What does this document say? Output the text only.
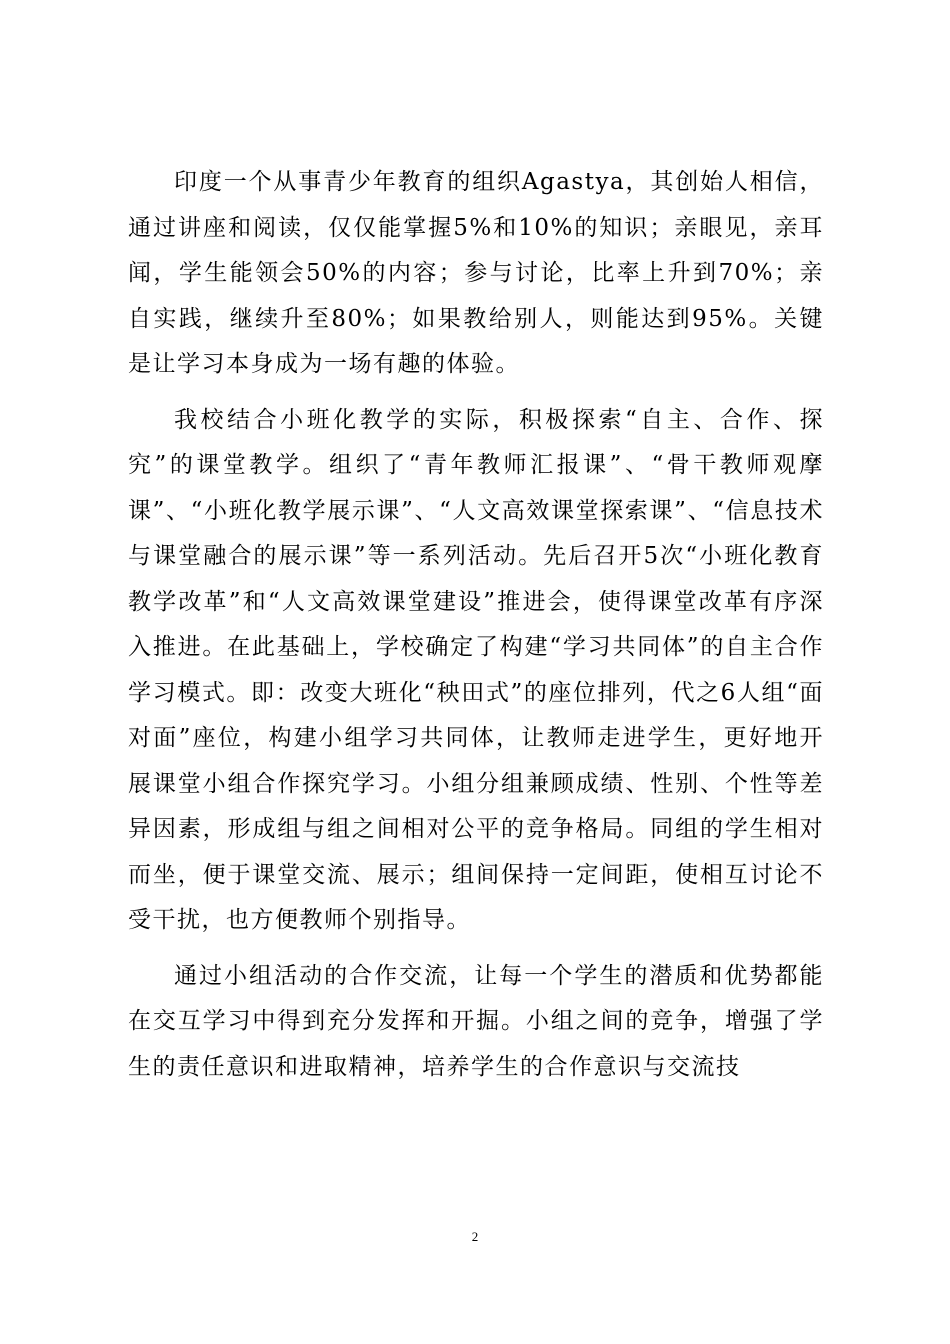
印度一个从事青少年教育的组织Agastya，其创始人相信，通过讲座和阅读，仅仅能掌握5%和10%的知识；亲眼见，亲耳闻，学生能领会50%的内容；参与讨论，比率上升到70%；亲自实践，继续升至80%；如果教给别人，则能达到95%。关键是让学习本身成为一场有趣的体验。

我校结合小班化教学的实际，积极探索“自主、合作、探究”的课堂教学。组织了“青年教师汇报课”、“骨干教师观摩课”、“小班化教学展示课”、“人文高效课堂探索课”、“信息技术与课堂融合的展示课”等一系列活动。先后召开5次“小班化教育教学改革”和“人文高效课堂建设”推进会，使得课堂改革有序深入推进。在此基础上，学校确定了构建“学习共同体”的自主合作学习模式。即：改变大班化“秧田式”的座位排列，代之6人组“面对面”座位，构建小组学习共同体，让教师走进学生，更好地开展课堂小组合作探究学习。小组分组兼顾成绩、性别、个性等差异因素，形成组与组之间相对公平的竞争格局。同组的学生相对而坐，便于课堂交流、展示；组间保持一定间距，使相互讨论不受干扰，也方便教师个别指导。

通过小组活动的合作交流，让每一个学生的潜质和优势都能在交互学习中得到充分发挥和开掘。小组之间的竞争，增强了学生的责任意识和进取精神，培养学生的合作意识与交流技

2
